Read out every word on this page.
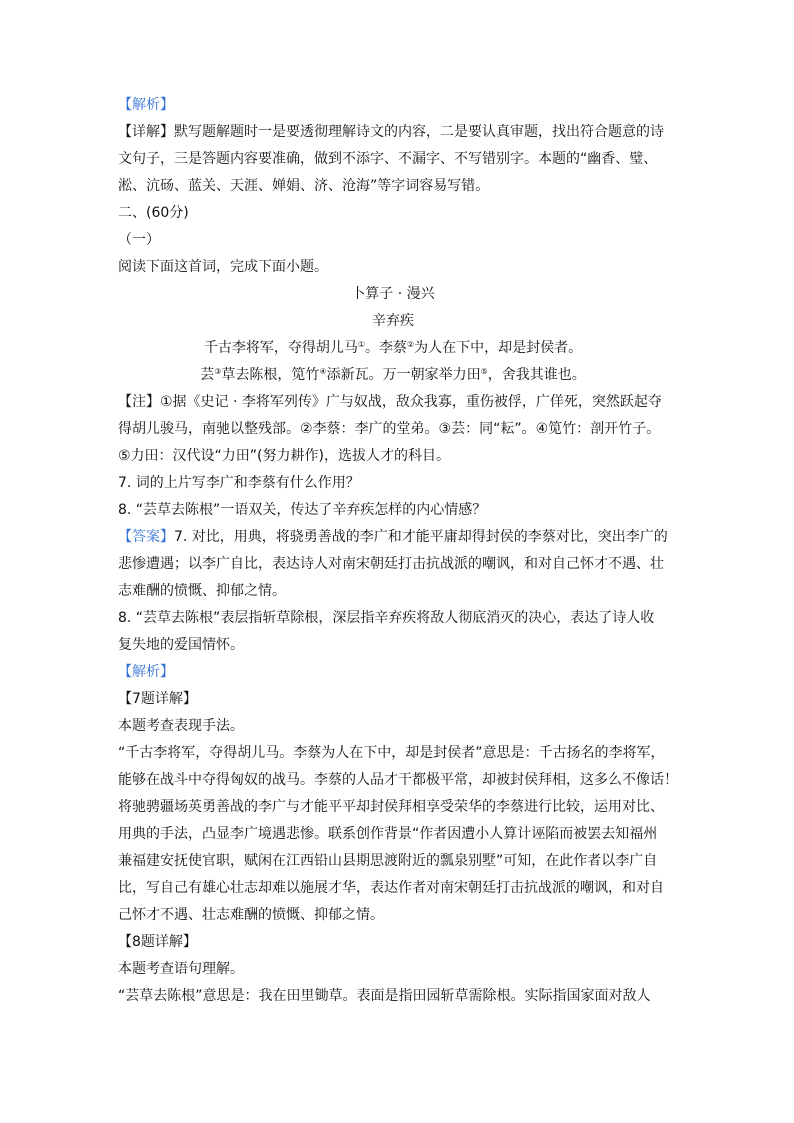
【解析】
【详解】默写题解题时一是要透彻理解诗文的内容，二是要认真审题，找出符合题意的诗
文句子，三是答题内容要准确，做到不添字、不漏字、不写错别字。本题的“幽香、璧、
淞、沆砀、蓝关、天涯、婵娟、济、沧海”等字词容易写错。
二、(60分)
（一）
阅读下面这首词，完成下面小题。
卜算子 · 漫兴
辛弃疾
千古李将军，夺得胡儿马①。李蔡②为人在下中，却是封侯者。
芸③草去陈根，笕竹④添新瓦。万一朝家举力田⑤，舍我其谁也。
【注】①据《史记 · 李将军列传》广与奴战，敌众我寡，重伤被俘，广佯死，突然跃起夺
得胡儿骏马，南驰以整残部。②李蔡：李广的堂弟。③芸：同“耘”。④笕竹：剖开竹子。
⑤力田：汉代设“力田”(努力耕作)，选拔人才的科目。
7. 词的上片写李广和李蔡有什么作用？
8. “芸草去陈根”一语双关，传达了辛弃疾怎样的内心情感？
【答案】7. 对比，用典，将骁勇善战的李广和才能平庸却得封侯的李蔡对比，突出李广的
悲惨遭遇；以李广自比，表达诗人对南宋朝廷打击抗战派的嘲讽，和对自己怀才不遇、壮
志难酬的愤慨、抑郁之情。
8. “芸草去陈根”表层指斩草除根，深层指辛弃疾将敌人彻底消灭的决心，表达了诗人收
复失地的爱国情怀。
【解析】
【7题详解】
本题考查表现手法。
“千古李将军，夺得胡儿马。李蔡为人在下中，却是封侯者”意思是：千古扬名的李将军，
能够在战斗中夺得匈奴的战马。李蔡的人品才干都极平常，却被封侯拜相，这多么不像话！
将驰骋疆场英勇善战的李广与才能平平却封侯拜相享受荣华的李蔡进行比较，运用对比、
用典的手法，凸显李广境遇悲惨。联系创作背景“作者因遭小人算计诬陷而被罢去知福州
兼福建安抚使官职，赋闲在江西铅山县期思渡附近的瓢泉别墅”可知，在此作者以李广自
比，写自己有雄心壮志却难以施展才华，表达作者对南宋朝廷打击抗战派的嘲讽，和对自
己怀才不遇、壮志难酬的愤慨、抑郁之情。
【8题详解】
本题考查语句理解。
“芸草去陈根”意思是：我在田里锄草。表面是指田园斩草需除根。实际指国家面对敌人
